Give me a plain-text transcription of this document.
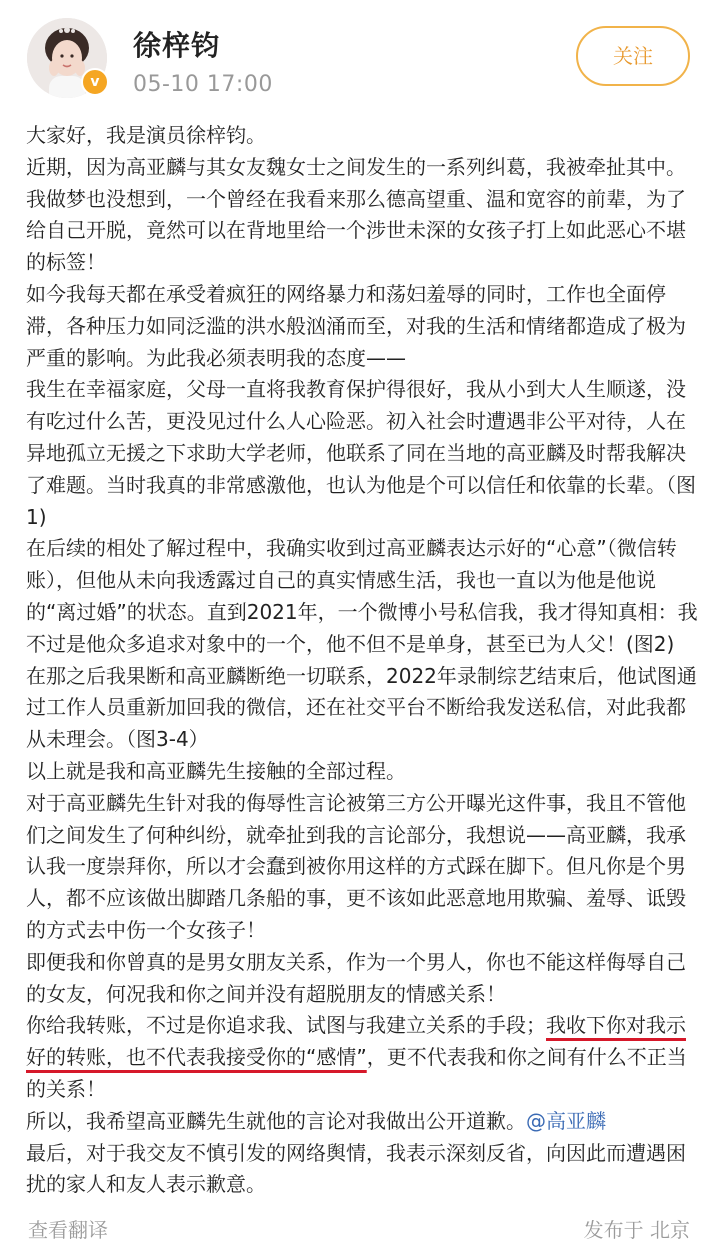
v
徐梓钧
05-10 17:00
关注

大家好，我是演员徐梓钧。

近期，因为高亚麟与其女友魏女士之间发生的一系列纠葛，我被牵扯其中。我做梦也没想到，一个曾经在我看来那么德高望重、温和宽容的前辈，为了给自己开脱，竟然可以在背地里给一个涉世未深的女孩子打上如此恶心不堪的标签！

如今我每天都在承受着疯狂的网络暴力和荡妇羞辱的同时，工作也全面停滞，各种压力如同泛滥的洪水般汹涌而至，对我的生活和情绪都造成了极为严重的影响。为此我必须表明我的态度——

我生在幸福家庭，父母一直将我教育保护得很好，我从小到大人生顺遂，没有吃过什么苦，更没见过什么人心险恶。初入社会时遭遇非公平对待，人在异地孤立无援之下求助大学老师，他联系了同在当地的高亚麟及时帮我解决了难题。当时我真的非常感激他，也认为他是个可以信任和依靠的长辈。（图1)

在后续的相处了解过程中，我确实收到过高亚麟表达示好的“心意”（微信转账），但他从未向我透露过自己的真实情感生活，我也一直以为他是他说的“离过婚”的状态。直到2021年，一个微博小号私信我，我才得知真相：我不过是他众多追求对象中的一个，他不但不是单身，甚至已为人父！(图2)

在那之后我果断和高亚麟断绝一切联系，2022年录制综艺结束后，他试图通过工作人员重新加回我的微信，还在社交平台不断给我发送私信，对此我都从未理会。（图3-4）

以上就是我和高亚麟先生接触的全部过程。

对于高亚麟先生针对我的侮辱性言论被第三方公开曝光这件事，我且不管他们之间发生了何种纠纷，就牵扯到我的言论部分，我想说——高亚麟，我承认我一度崇拜你，所以才会蠢到被你用这样的方式踩在脚下。但凡你是个男人，都不应该做出脚踏几条船的事，更不该如此恶意地用欺骗、羞辱、诋毁的方式去中伤一个女孩子！

即便我和你曾真的是男女朋友关系，作为一个男人，你也不能这样侮辱自己的女友，何况我和你之间并没有超脱朋友的情感关系！

你给我转账，不过是你追求我、试图与我建立关系的手段；我收下你对我示好的转账，也不代表我接受你的“感情”，更不代表我和你之间有什么不正当的关系！

所以，我希望高亚麟先生就他的言论对我做出公开道歉。@高亚麟

最后，对于我交友不慎引发的网络舆情，我表示深刻反省，向因此而遭遇困扰的家人和友人表示歉意。

查看翻译	发布于 北京
